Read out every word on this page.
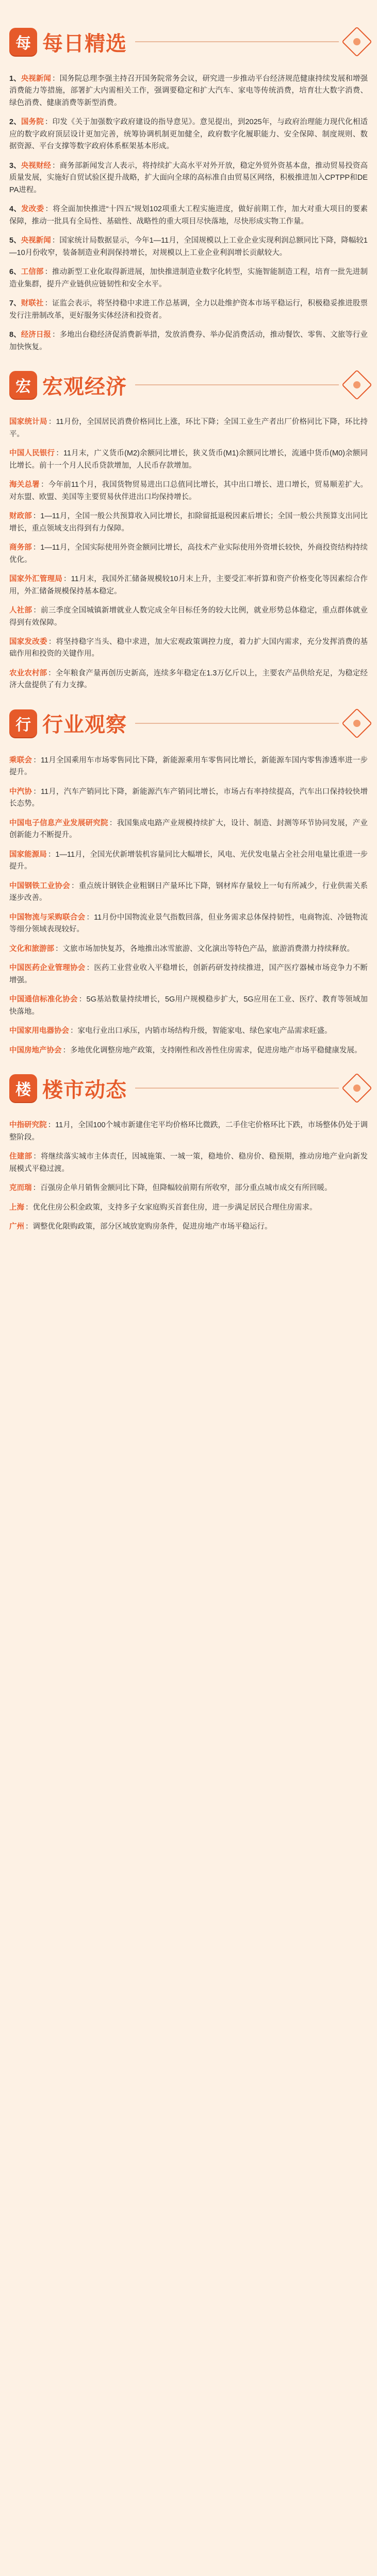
每 每日精选

1、央视新闻 ：国务院总理李强主持召开国务院常务会议，研究进一步推动平台经济规范健康持续发展和增强消费能力等措施，部署扩大内需相关工作，强调要稳定和扩大汽车、家电等传统消费，培育壮大数字消费、绿色消费、健康消费等新型消费。

2、国务院 ：印发《关于加强数字政府建设的指导意见》。意见提出，到2025年，与政府治理能力现代化相适应的数字政府顶层设计更加完善，统筹协调机制更加健全，政府数字化履职能力、安全保障、制度规则、数据资源、平台支撑等数字政府体系框架基本形成。

3、央视财经 ：商务部新闻发言人表示，将持续扩大高水平对外开放，稳定外贸外资基本盘，推动贸易投资高质量发展，实施好自贸试验区提升战略，扩大面向全球的高标准自由贸易区网络，积极推进加入CPTPP和DEPA进程。

4、发改委 ：将全面加快推进“十四五”规划102项重大工程实施进度，做好前期工作，加大对重大项目的要素保障，推动一批具有全局性、基础性、战略性的重大项目尽快落地，尽快形成实物工作量。

5、央视新闻 ：国家统计局数据显示，今年1—11月，全国规模以上工业企业实现利润总额同比下降，降幅较1—10月份收窄，装备制造业利润保持增长，对规模以上工业企业利润增长贡献较大。

6、工信部 ：推动新型工业化取得新进展，加快推进制造业数字化转型，实施智能制造工程，培育一批先进制造业集群，提升产业链供应链韧性和安全水平。

7、财联社 ：证监会表示，将坚持稳中求进工作总基调，全力以赴维护资本市场平稳运行，积极稳妥推进股票发行注册制改革，更好服务实体经济和投资者。

8、经济日报 ：多地出台稳经济促消费新举措，发放消费券、举办促消费活动，推动餐饮、零售、文旅等行业加快恢复。

宏 宏观经济

国家统计局 ：11月份，全国居民消费价格同比上涨，环比下降；全国工业生产者出厂价格同比下降，环比持平。

中国人民银行 ：11月末，广义货币(M2)余额同比增长，狭义货币(M1)余额同比增长，流通中货币(M0)余额同比增长。前十一个月人民币贷款增加，人民币存款增加。

海关总署 ：今年前11个月，我国货物贸易进出口总值同比增长，其中出口增长、进口增长，贸易顺差扩大。对东盟、欧盟、美国等主要贸易伙伴进出口均保持增长。

财政部 ：1—11月，全国一般公共预算收入同比增长，扣除留抵退税因素后增长；全国一般公共预算支出同比增长，重点领域支出得到有力保障。

商务部 ：1—11月，全国实际使用外资金额同比增长，高技术产业实际使用外资增长较快，外商投资结构持续优化。

国家外汇管理局 ：11月末，我国外汇储备规模较10月末上升，主要受汇率折算和资产价格变化等因素综合作用，外汇储备规模保持基本稳定。

人社部 ：前三季度全国城镇新增就业人数完成全年目标任务的较大比例，就业形势总体稳定，重点群体就业得到有效保障。

国家发改委 ：将坚持稳字当头、稳中求进，加大宏观政策调控力度，着力扩大国内需求，充分发挥消费的基础作用和投资的关键作用。

农业农村部 ：全年粮食产量再创历史新高，连续多年稳定在1.3万亿斤以上，主要农产品供给充足，为稳定经济大盘提供了有力支撑。

行 行业观察

乘联会 ：11月全国乘用车市场零售同比下降，新能源乘用车零售同比增长，新能源车国内零售渗透率进一步提升。

中汽协 ：11月，汽车产销同比下降，新能源汽车产销同比增长，市场占有率持续提高，汽车出口保持较快增长态势。

中国电子信息产业发展研究院 ：我国集成电路产业规模持续扩大，设计、制造、封测等环节协同发展，产业创新能力不断提升。

国家能源局 ：1—11月，全国光伏新增装机容量同比大幅增长，风电、光伏发电量占全社会用电量比重进一步提升。

中国钢铁工业协会 ：重点统计钢铁企业粗钢日产量环比下降，钢材库存量较上一旬有所减少，行业供需关系逐步改善。

中国物流与采购联合会 ：11月份中国物流业景气指数回落，但业务需求总体保持韧性，电商物流、冷链物流等细分领域表现较好。

文化和旅游部 ：文旅市场加快复苏，各地推出冰雪旅游、文化演出等特色产品，旅游消费潜力持续释放。

中国医药企业管理协会 ：医药工业营业收入平稳增长，创新药研发持续推进，国产医疗器械市场竞争力不断增强。

中国通信标准化协会 ：5G基站数量持续增长，5G用户规模稳步扩大，5G应用在工业、医疗、教育等领域加快落地。

中国家用电器协会 ：家电行业出口承压，内销市场结构升级，智能家电、绿色家电产品需求旺盛。

中国房地产协会 ：多地优化调整房地产政策，支持刚性和改善性住房需求，促进房地产市场平稳健康发展。

楼 楼市动态

中指研究院 ：11月，全国100个城市新建住宅平均价格环比微跌，二手住宅价格环比下跌，市场整体仍处于调整阶段。

住建部 ：将继续落实城市主体责任，因城施策、一城一策，稳地价、稳房价、稳预期，推动房地产业向新发展模式平稳过渡。

克而瑞 ：百强房企单月销售金额同比下降，但降幅较前期有所收窄，部分重点城市成交有所回暖。

上海 ：优化住房公积金政策，支持多子女家庭购买首套住房，进一步满足居民合理住房需求。

广州 ：调整优化限购政策，部分区域放宽购房条件，促进房地产市场平稳运行。
